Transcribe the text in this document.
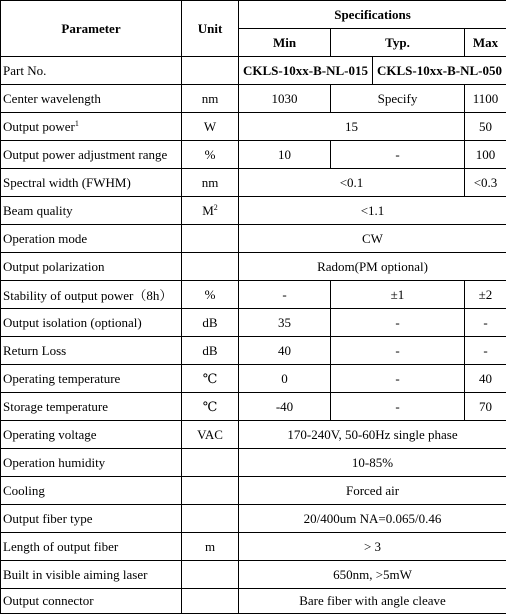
Parameter	Unit	Specifications			
		Min	Typ.		Max
Part No.		CKLS-10xx-B-NL-015		CKLS-10xx-B-NL-050	
Center wavelength	nm	1030	Specify		1100
Output power$^1$	W	15			50
Output power adjustment range	%	10	-		100
Spectral width (FWHM)	nm	<0.1			<0.3
Beam quality	$M^2$	<1.1			
Operation mode		CW			
Output polarization		Radom(PM optional)			
Stability of output power（8h）	%	-	±1		±2
Output isolation (optional)	dB	35	-		-
Return Loss	dB	40	-		-
Operating temperature	℃	0	-		40
Storage temperature	℃	-40	-		70
Operating voltage	VAC	170-240V, 50-60Hz single phase			
Operation humidity		10-85%			
Cooling		Forced air			
Output fiber type		20/400um NA=0.065/0.46			
Length of output fiber	m	> 3			
Built in visible aiming laser		650nm, >5mW			
Output connector		Bare fiber with angle cleave			
